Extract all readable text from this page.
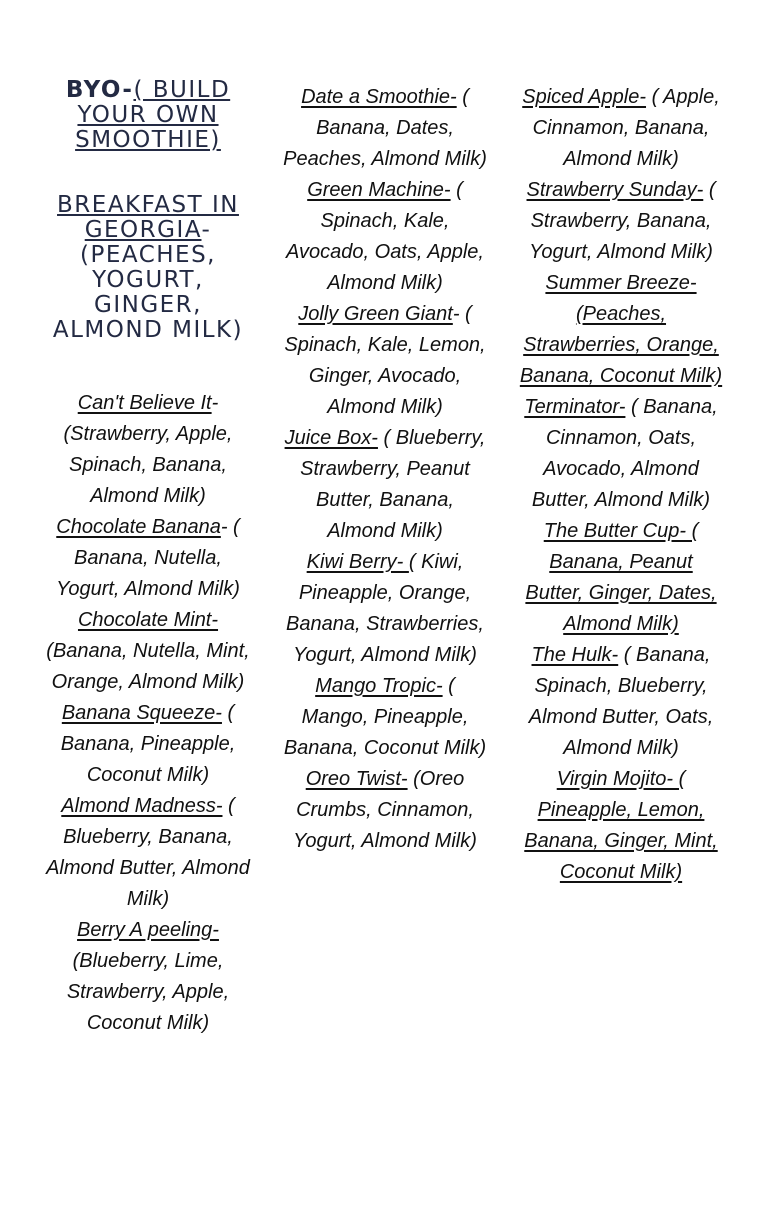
BYO-( BUILD YOUR OWN SMOOTHIE)
BREAKFAST IN GEORGIA-(PEACHES, YOGURT, GINGER, ALMOND MILK)
Can't Believe It- (Strawberry, Apple, Spinach, Banana, Almond Milk)
Chocolate Banana- ( Banana, Nutella, Yogurt, Almond Milk)
Chocolate Mint- (Banana, Nutella, Mint, Orange, Almond Milk)
Banana Squeeze- ( Banana, Pineapple, Coconut Milk)
Almond Madness- ( Blueberry, Banana, Almond Butter, Almond Milk)
Berry A peeling- (Blueberry, Lime, Strawberry, Apple, Coconut Milk)
Date a Smoothie- ( Banana, Dates, Peaches, Almond Milk)
Green Machine- ( Spinach, Kale, Avocado, Oats, Apple, Almond Milk)
Jolly Green Giant- ( Spinach, Kale, Lemon, Ginger, Avocado, Almond Milk)
Juice Box- ( Blueberry, Strawberry, Peanut Butter, Banana, Almond Milk)
Kiwi Berry- ( Kiwi, Pineapple, Orange, Banana, Strawberries, Yogurt, Almond Milk)
Mango Tropic- ( Mango, Pineapple, Banana, Coconut Milk)
Oreo Twist- (Oreo Crumbs, Cinnamon, Yogurt, Almond Milk)
Spiced Apple- ( Apple, Cinnamon, Banana, Almond Milk)
Strawberry Sunday- ( Strawberry, Banana, Yogurt, Almond Milk)
Summer Breeze- (Peaches, Strawberries, Orange, Banana, Coconut Milk)
Terminator- ( Banana, Cinnamon, Oats, Avocado, Almond Butter, Almond Milk)
The Butter Cup- ( Banana, Peanut Butter, Ginger, Dates, Almond Milk)
The Hulk- ( Banana, Spinach, Blueberry, Almond Butter, Oats, Almond Milk)
Virgin Mojito- ( Pineapple, Lemon, Banana, Ginger, Mint, Coconut Milk)
